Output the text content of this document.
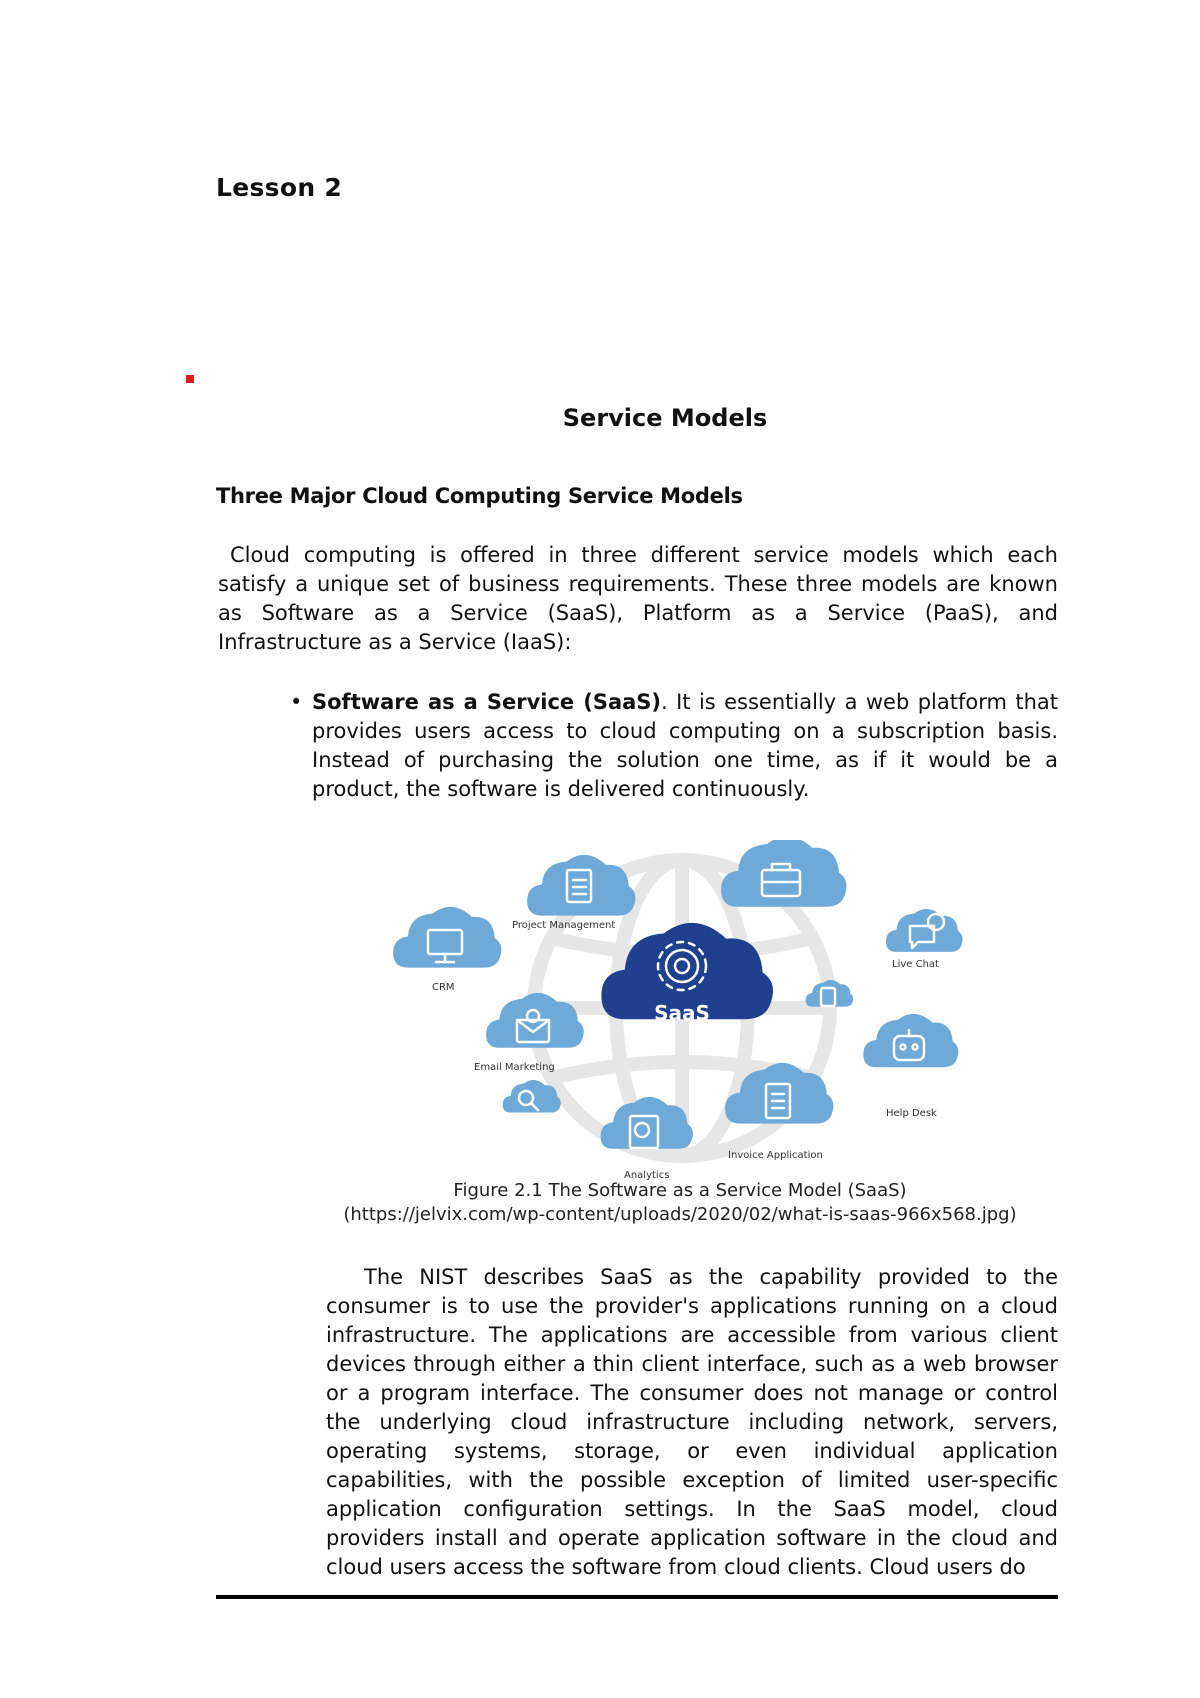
Lesson 2
Service Models
Three Major Cloud Computing Service Models

Cloud computing is offered in three different service models which each satisfy a unique set of business requirements. These three models are known as Software as a Service (SaaS), Platform as a Service (PaaS), and Infrastructure as a Service (IaaS):

• Software as a Service (SaaS). It is essentially a web platform that provides users access to cloud computing on a subscription basis. Instead of purchasing the solution one time, as if it would be a product, the software is delivered continuously.
SaaS
Project Management
CRM
Email Marketing
Analytics
Invoice Application
Help Desk
Live Chat
Figure 2.1 The Software as a Service Model (SaaS)
(https://jelvix.com/wp-content/uploads/2020/02/what-is-saas-966x568.jpg)

The NIST describes SaaS as the capability provided to the consumer is to use the provider's applications running on a cloud infrastructure. The applications are accessible from various client devices through either a thin client interface, such as a web browser or a program interface. The consumer does not manage or control the underlying cloud infrastructure including network, servers, operating systems, storage, or even individual application capabilities, with the possible exception of limited user-specific application configuration settings. In the SaaS model, cloud providers install and operate application software in the cloud and cloud users access the software from cloud clients. Cloud users do
